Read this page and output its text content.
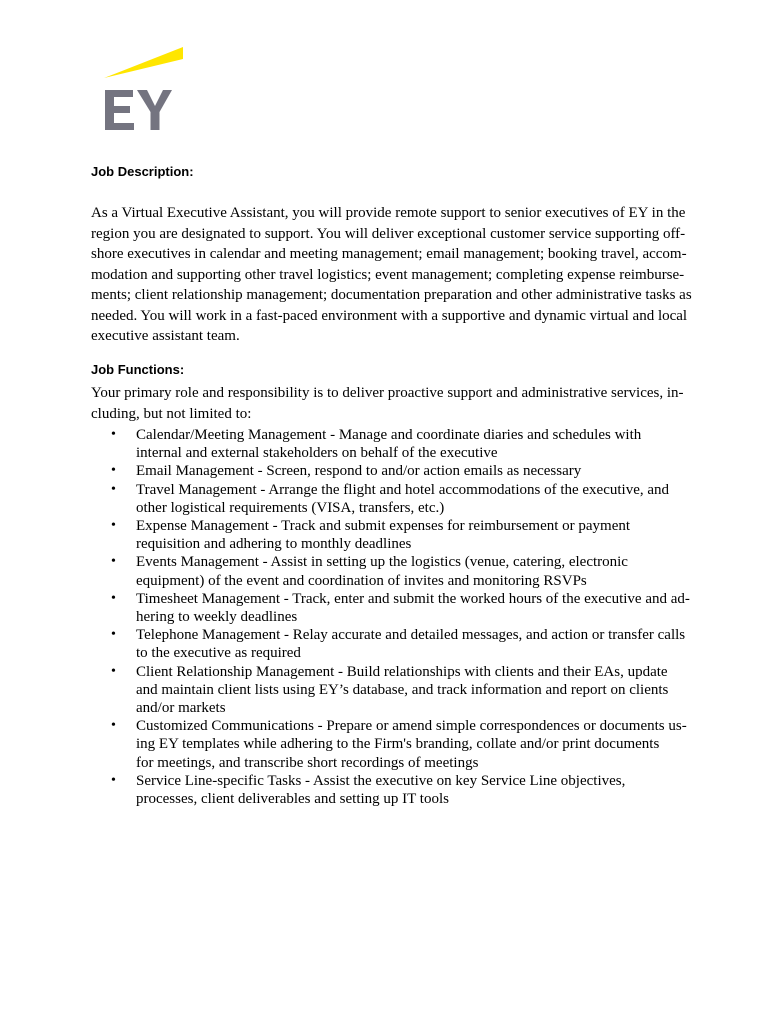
Job Description:
As a Virtual Executive Assistant, you will provide remote support to senior executives of EY in the
region you are designated to support. You will deliver exceptional customer service supporting off-
shore executives in calendar and meeting management; email management; booking travel, accom-
modation and supporting other travel logistics; event management; completing expense reimburse-
ments; client relationship management; documentation preparation and other administrative tasks as
needed. You will work in a fast-paced environment with a supportive and dynamic virtual and local
executive assistant team.
Job Functions:
Your primary role and responsibility is to deliver proactive support and administrative services, in-
cluding, but not limited to:
• Calendar/Meeting Management - Manage and coordinate diaries and schedules with
internal and external stakeholders on behalf of the executive
• Email Management - Screen, respond to and/or action emails as necessary
• Travel Management - Arrange the flight and hotel accommodations of the executive, and
other logistical requirements (VISA, transfers, etc.)
• Expense Management - Track and submit expenses for reimbursement or payment
requisition and adhering to monthly deadlines
• Events Management - Assist in setting up the logistics (venue, catering, electronic
equipment) of the event and coordination of invites and monitoring RSVPs
• Timesheet Management - Track, enter and submit the worked hours of the executive and ad-
hering to weekly deadlines
• Telephone Management - Relay accurate and detailed messages, and action or transfer calls
to the executive as required
• Client Relationship Management - Build relationships with clients and their EAs, update
and maintain client lists using EY’s database, and track information and report on clients
and/or markets
• Customized Communications - Prepare or amend simple correspondences or documents us-
ing EY templates while adhering to the Firm's branding, collate and/or print documents
for meetings, and transcribe short recordings of meetings
• Service Line-specific Tasks - Assist the executive on key Service Line objectives,
processes, client deliverables and setting up IT tools
